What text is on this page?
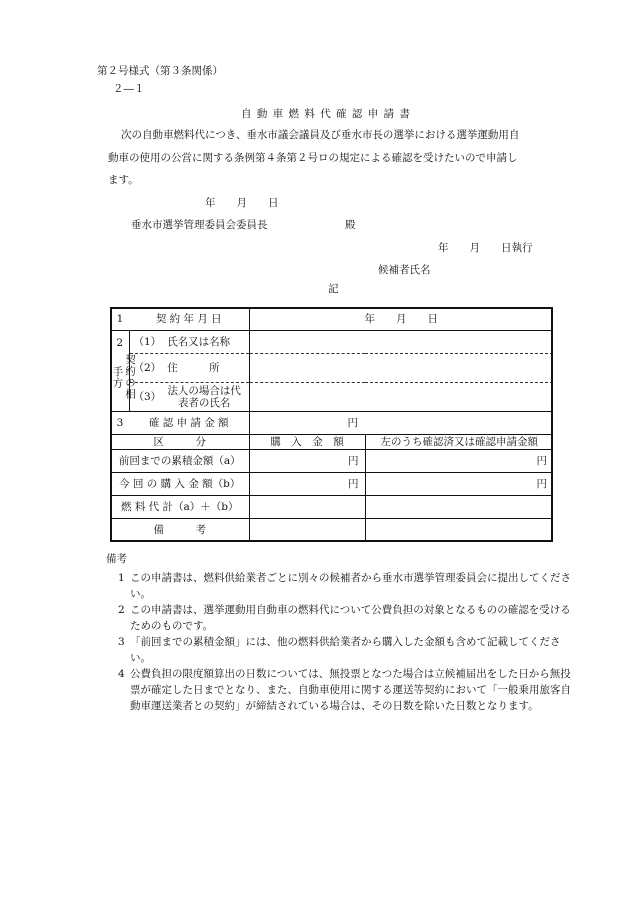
第２号様式（第３条関係）
２―１
自 動 車 燃 料 代 確 認 申 請 書
次の自動車燃料代につき、垂水市議会議員及び垂水市長の選挙における選挙運動用自
動車の使用の公営に関する条例第４条第２号ロの規定による確認を受けたいので申請し
ます。
年　　月　　日
垂水市選挙管理委員会委員長	殿
年　　月　　日執行
候補者氏名
記
1	契 約 年 月 日	年　　月　　日	

2
契約の相手方	（1） 氏名又は名称		
	（2） 住　　　所		
	（3） 法人の場合は代表者の氏名		
3	確 認 申 請 金 額	円	
区　　　分		購　入　金　額	左のうち確認済又は確認申請金額
前回までの累積金額（a）		円	円
今 回 の 購 入 金 額（b）		円	円
燃 料 代 計（a）＋（b）			
備　　　考			
備考
1 この申請書は、燃料供給業者ごとに別々の候補者から垂水市選挙管理委員会に提出してください。
2 この申請書は、選挙運動用自動車の燃料代について公費負担の対象となるものの確認を受けるためのものです。
3 「前回までの累積金額」には、他の燃料供給業者から購入した金額も含めて記載してください。
4 公費負担の限度額算出の日数については、無投票となつた場合は立候補届出をした日から無投票が確定した日までとなり、また、自動車使用に関する運送等契約において「一般乗用旅客自動車運送業者との契約」が締結されている場合は、その日数を除いた日数となります。
